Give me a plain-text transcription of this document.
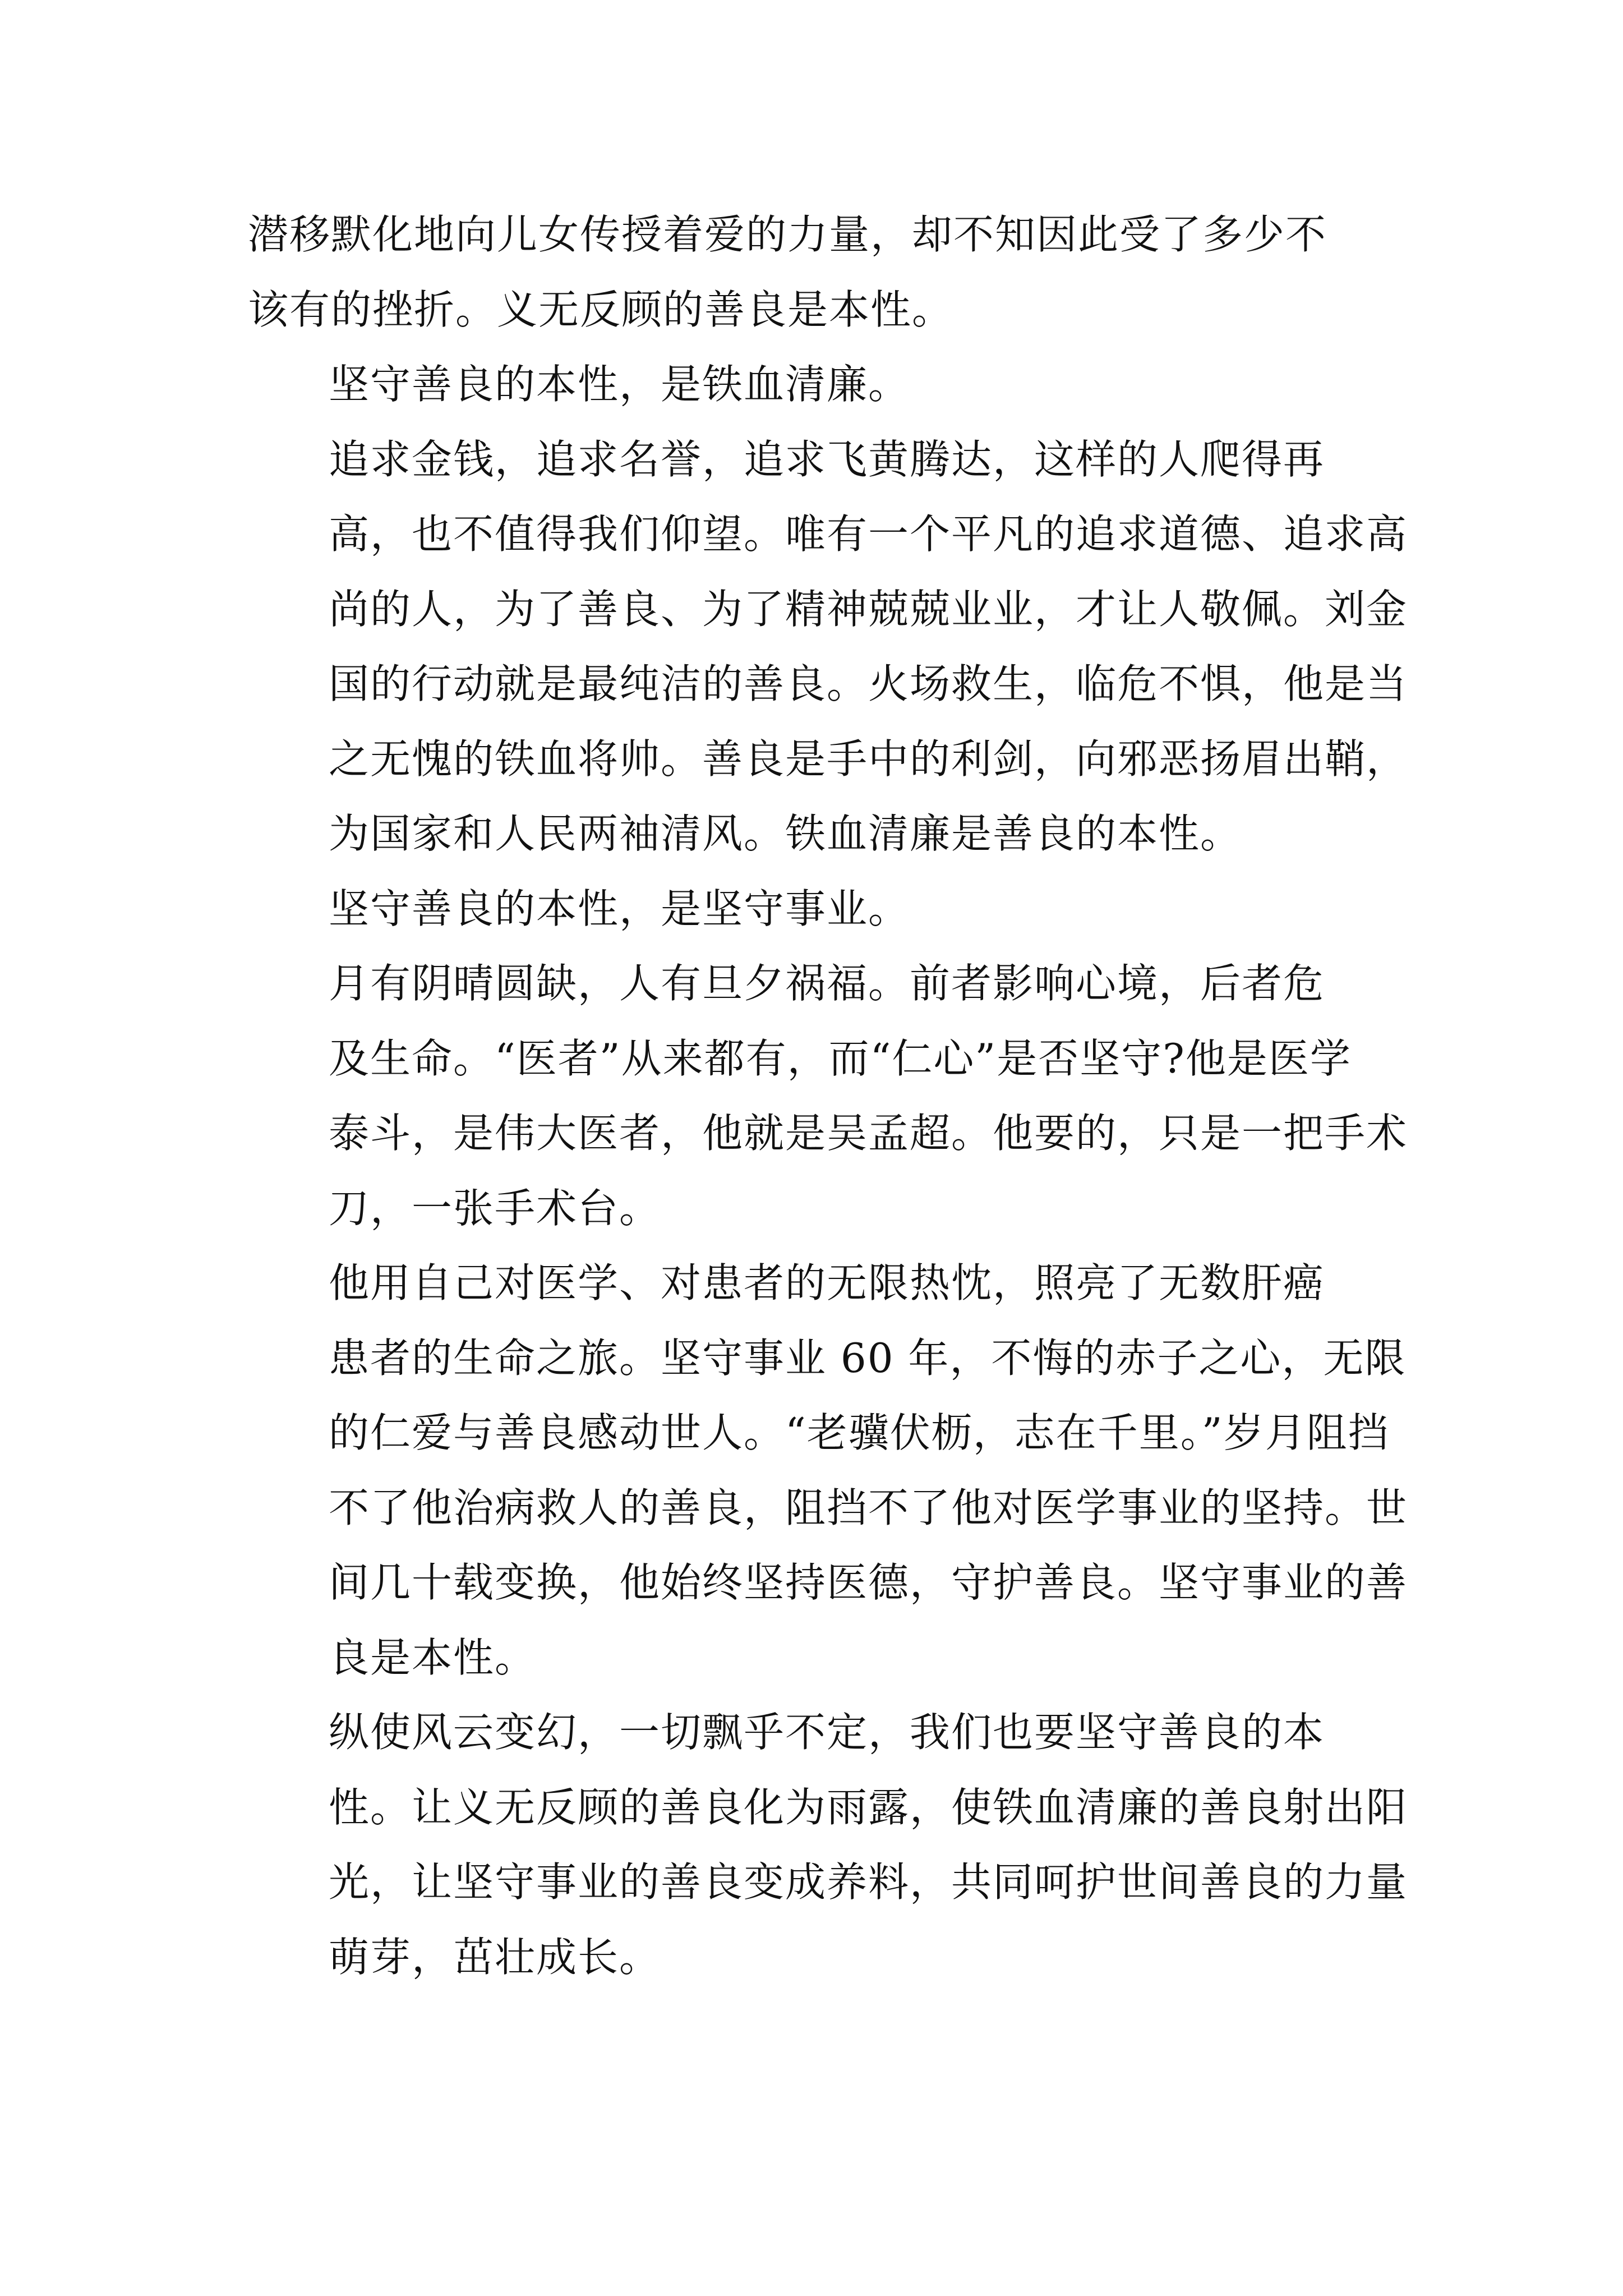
潜移默化地向儿女传授着爱的力量，却不知因此受了多少不
该有的挫折。义无反顾的善良是本性。

坚守善良的本性，是铁血清廉。

追求金钱，追求名誉，追求飞黄腾达，这样的人爬得再
高，也不值得我们仰望。唯有一个平凡的追求道德、追求高
尚的人，为了善良、为了精神兢兢业业，才让人敬佩。刘金
国的行动就是最纯洁的善良。火场救生，临危不惧，他是当
之无愧的铁血将帅。善良是手中的利剑，向邪恶扬眉出鞘，
为国家和人民两袖清风。铁血清廉是善良的本性。

坚守善良的本性，是坚守事业。

月有阴晴圆缺，人有旦夕祸福。前者影响心境，后者危
及生命。“医者”从来都有，而“仁心”是否坚守?他是医学
泰斗，是伟大医者，他就是吴孟超。他要的，只是一把手术
刀，一张手术台。

他用自己对医学、对患者的无限热忱，照亮了无数肝癌
患者的生命之旅。坚守事业 60 年，不悔的赤子之心，无限
的仁爱与善良感动世人。“老骥伏枥，志在千里。”岁月阻挡
不了他治病救人的善良，阻挡不了他对医学事业的坚持。世
间几十载变换，他始终坚持医德，守护善良。坚守事业的善
良是本性。

纵使风云变幻，一切飘乎不定，我们也要坚守善良的本
性。让义无反顾的善良化为雨露，使铁血清廉的善良射出阳
光，让坚守事业的善良变成养料，共同呵护世间善良的力量
萌芽，茁壮成长。
